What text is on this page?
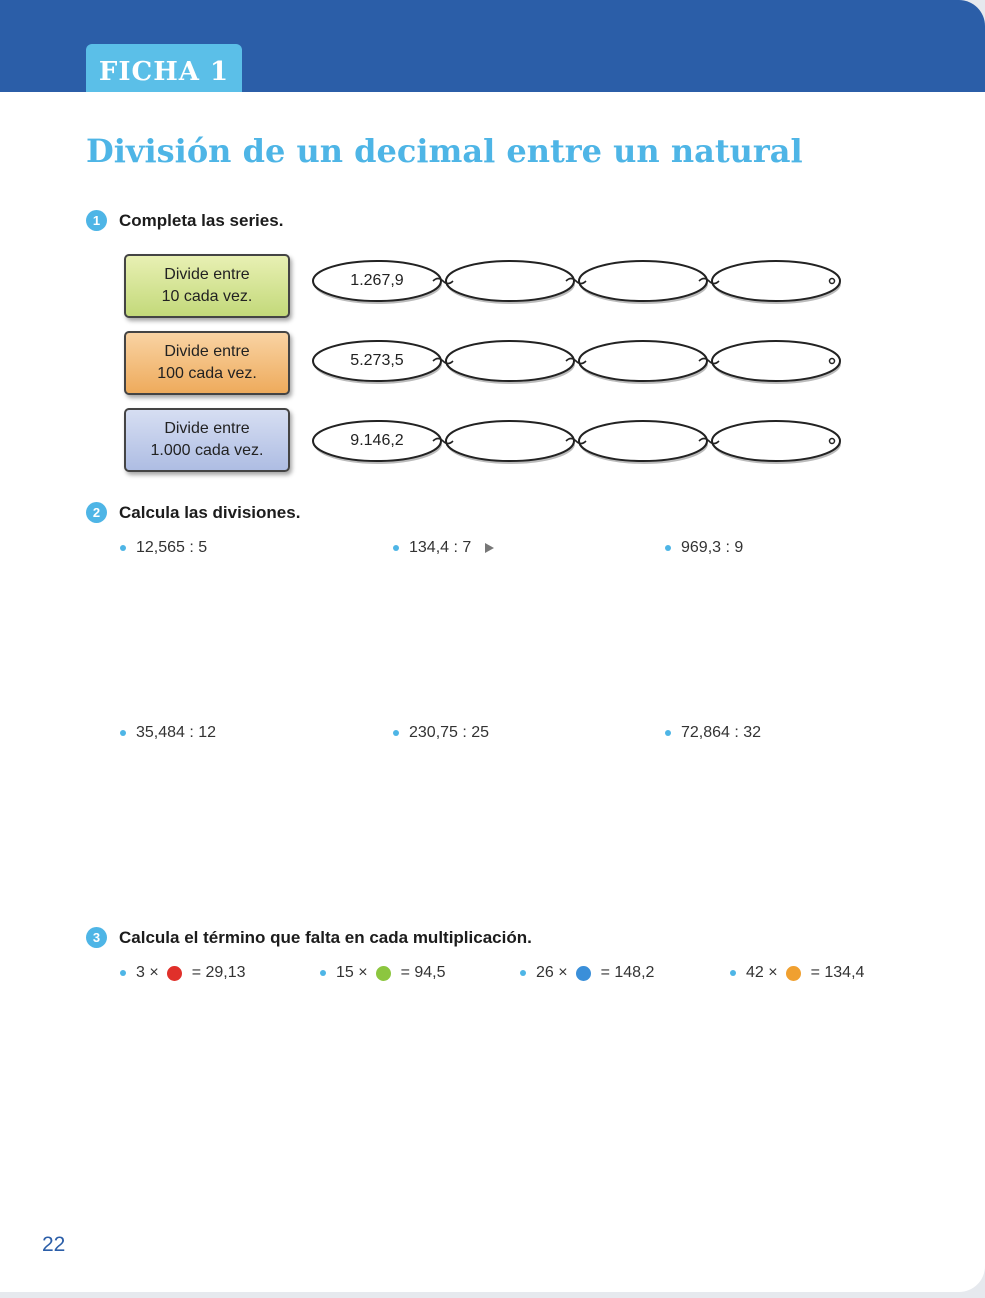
FICHA 1
División de un decimal entre un natural
1	Completa las series.
Divide entre
10 cada vez.
Divide entre
100 cada vez.
Divide entre
1.000 cada vez.
1.267,9
5.273,5
9.146,2
2	Calcula las divisiones.
12,565 : 5	134,4 : 7	969,3 : 9
35,484 : 12	230,75 : 25	72,864 : 32
3	Calcula el término que falta en cada multiplicación.
3 × = 29,13	15 × = 94,5	26 × = 148,2	42 × = 134,4
22
